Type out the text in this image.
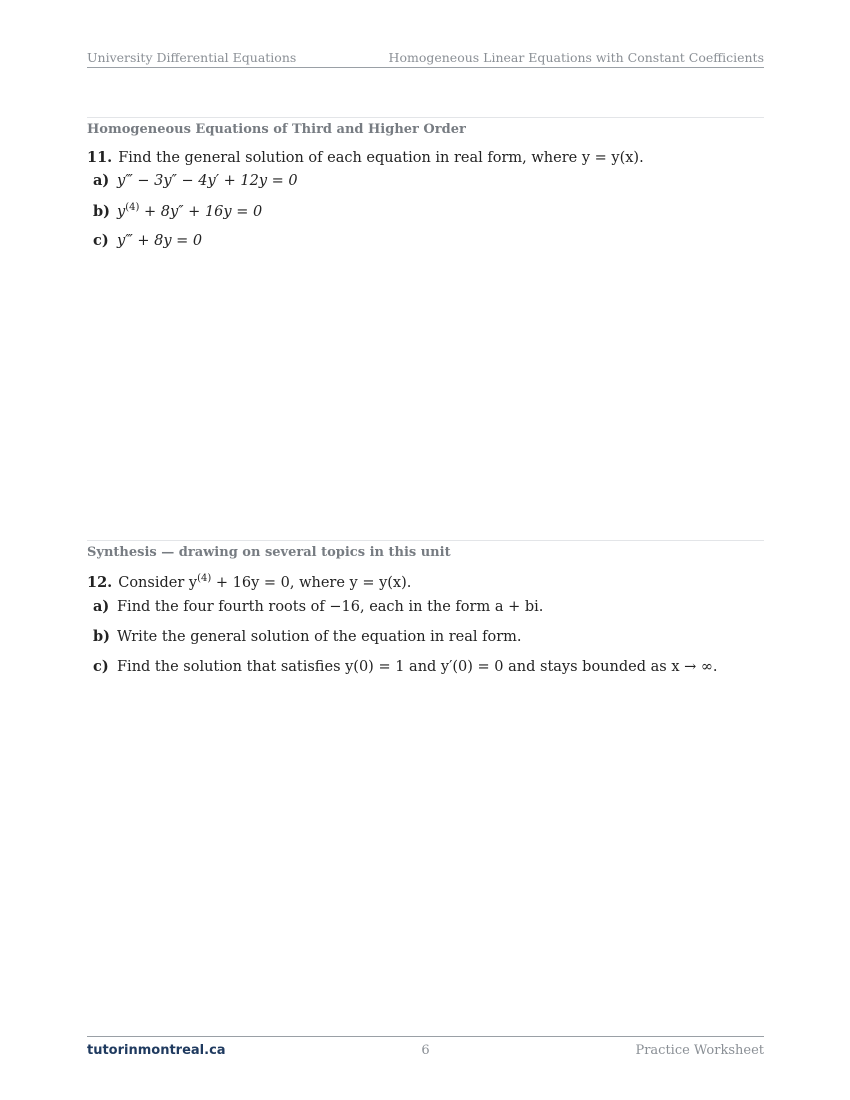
University Differential Equations	Homogeneous Linear Equations with Constant Coefficients
Homogeneous Equations of Third and Higher Order
11. Find the general solution of each equation in real form, where y = y(x).
a) y‴ − 3y″ − 4y′ + 12y = 0
b) $y^{(4)} + 8y'' + 16y = 0$
c) y‴ + 8y = 0
Synthesis — drawing on several topics in this unit
12. Consider $y^{(4)} + 16y = 0$, where y = y(x).
a) Find the four fourth roots of −16, each in the form a + bi.
b) Write the general solution of the equation in real form.
c) Find the solution that satisfies y(0) = 1 and y′(0) = 0 and stays bounded as x → ∞.
tutorinmontreal.ca	6	Practice Worksheet
